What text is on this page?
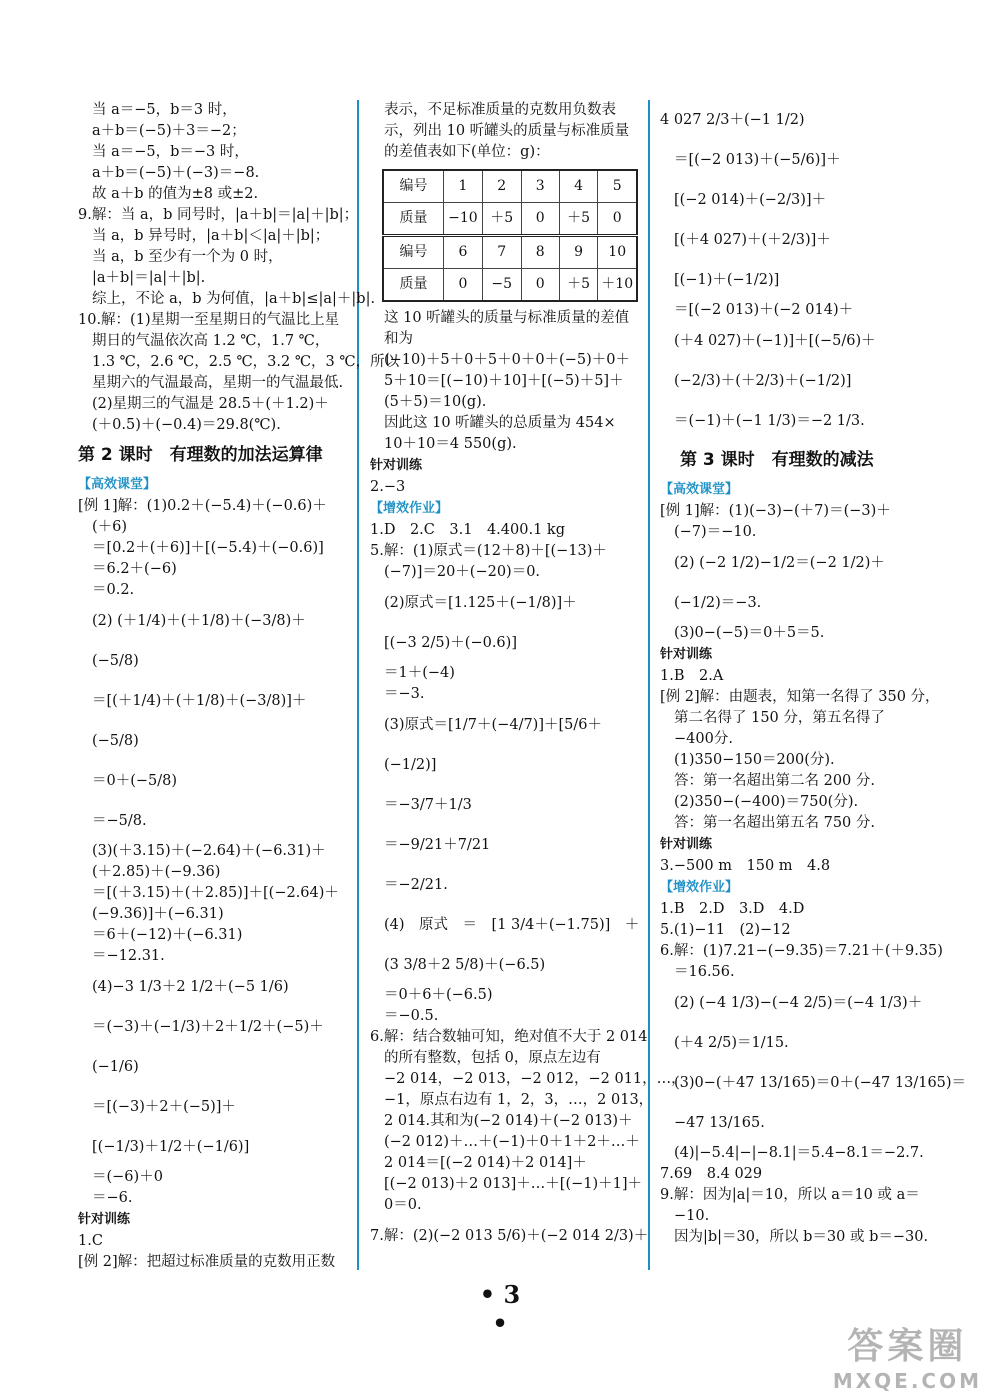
当 a＝−5，b＝3 时，
a＋b＝(−5)＋3＝−2；
当 a＝−5，b＝−3 时，
a＋b＝(−5)＋(−3)＝−8.
故 a＋b 的值为±8 或±2.
9.解：当 a，b 同号时，|a＋b|＝|a|＋|b|；
当 a，b 异号时，|a＋b|＜|a|＋|b|；
当 a，b 至少有一个为 0 时，
|a＋b|＝|a|＋|b|.
综上，不论 a，b 为何值，|a＋b|≤|a|＋|b|.
10.解：(1)星期一至星期日的气温比上星
期日的气温依次高 1.2 ℃，1.7 ℃，
1.3 ℃，2.6 ℃，2.5 ℃，3.2 ℃，3 ℃，所以
星期六的气温最高，星期一的气温最低.
(2)星期三的气温是 28.5＋(＋1.2)＋
(＋0.5)＋(−0.4)＝29.8(℃).
第 2 课时　有理数的加法运算律
【高效课堂】
[例 1]解：(1)0.2＋(−5.4)＋(−0.6)＋
(＋6)
＝[0.2＋(＋6)]＋[(−5.4)＋(−0.6)]
＝6.2＋(−6)
＝0.2.
(2) (＋1/4)＋(＋1/8)＋(−3/8)＋
(−5/8)
＝[(＋1/4)＋(＋1/8)＋(−3/8)]＋
(−5/8)
＝0＋(−5/8)
＝−5/8.
(3)(＋3.15)＋(−2.64)＋(−6.31)＋
(＋2.85)＋(−9.36)
＝[(＋3.15)＋(＋2.85)]＋[(−2.64)＋
(−9.36)]＋(−6.31)
＝6＋(−12)＋(−6.31)
＝−12.31.
(4)−3 1/3＋2 1/2＋(−5 1/6)
＝(−3)＋(−1/3)＋2＋1/2＋(−5)＋
(−1/6)
＝[(−3)＋2＋(−5)]＋
[(−1/3)＋1/2＋(−1/6)]
＝(−6)＋0
＝−6.
针对训练
1.C
[例 2]解：把超过标准质量的克数用正数
表示，不足标准质量的克数用负数表
示，列出 10 听罐头的质量与标准质量
的差值表如下(单位：g)：
编号	1	2	3	4	5
质量	−10	＋5	0	＋5	0
编号	6	7	8	9	10
质量	0	−5	0	＋5	＋10
这 10 听罐头的质量与标准质量的差值
和为
(−10)＋5＋0＋5＋0＋0＋(−5)＋0＋
5＋10＝[(−10)＋10]＋[(−5)＋5]＋
(5＋5)＝10(g).
因此这 10 听罐头的总质量为 454×
10＋10＝4 550(g).
针对训练
2.−3
【增效作业】
1.D　2.C　3.1　4.400.1 kg
5.解：(1)原式＝(12＋8)＋[(−13)＋
(−7)]＝20＋(−20)＝0.
(2)原式＝[1.125＋(−1/8)]＋
[(−3 2/5)＋(−0.6)]
＝1＋(−4)
＝−3.
(3)原式＝[1/7＋(−4/7)]＋[5/6＋
(−1/2)]
＝−3/7＋1/3
＝−9/21＋7/21
＝−2/21.
(4)　原式　＝　[1 3/4＋(−1.75)]　＋
(3 3/8＋2 5/8)＋(−6.5)
＝0＋6＋(−6.5)
＝−0.5.
6.解：结合数轴可知，绝对值不大于 2 014
的所有整数，包括 0，原点左边有
−2 014，−2 013，−2 012，−2 011，…，
−1，原点右边有 1，2，3，…，2 013，
2 014.其和为(−2 014)＋(−2 013)＋
(−2 012)＋…＋(−1)＋0＋1＋2＋…＋
2 014＝[(−2 014)＋2 014]＋
[(−2 013)＋2 013]＋…＋[(−1)＋1]＋
0＝0.
7.解：(2)(−2 013 5/6)＋(−2 014 2/3)＋
4 027 2/3＋(−1 1/2)
＝[(−2 013)＋(−5/6)]＋
[(−2 014)＋(−2/3)]＋
[(＋4 027)＋(＋2/3)]＋
[(−1)＋(−1/2)]
＝[(−2 013)＋(−2 014)＋
(＋4 027)＋(−1)]＋[(−5/6)＋
(−2/3)＋(＋2/3)＋(−1/2)]
＝(−1)＋(−1 1/3)＝−2 1/3.
第 3 课时　有理数的减法
【高效课堂】
[例 1]解：(1)(−3)−(＋7)＝(−3)＋
(−7)＝−10.
(2) (−2 1/2)−1/2＝(−2 1/2)＋
(−1/2)＝−3.
(3)0−(−5)＝0＋5＝5.
针对训练
1.B　2.A
[例 2]解：由题表，知第一名得了 350 分，
第二名得了 150 分，第五名得了
−400分.
(1)350−150＝200(分).
答：第一名超出第二名 200 分.
(2)350−(−400)＝750(分).
答：第一名超出第五名 750 分.
针对训练
3.−500 m　150 m　4.8
【增效作业】
1.B　2.D　3.D　4.D
5.(1)−11　(2)−12
6.解：(1)7.21−(−9.35)＝7.21＋(＋9.35)
＝16.56.
(2) (−4 1/3)−(−4 2/5)＝(−4 1/3)＋
(＋4 2/5)＝1/15.
(3)0−(＋47 13/165)＝0＋(−47 13/165)＝
−47 13/165.
(4)|−5.4|−|−8.1|＝5.4−8.1＝−2.7.
7.69　8.4 029
9.解：因为|a|＝10，所以 a＝10 或 a＝
−10.
因为|b|＝30，所以 b＝30 或 b＝−30.
• 3 •
答案圈
MXQE.COM
